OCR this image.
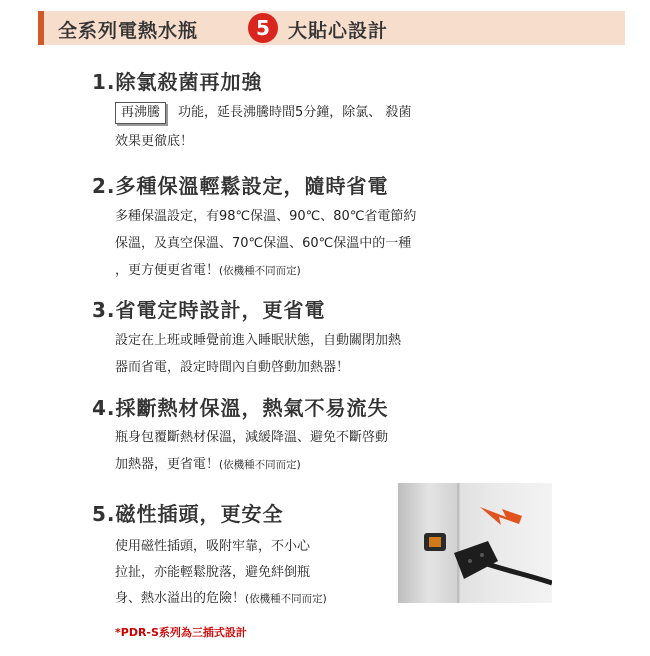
全系列電熱水瓶	5 大貼心設計
1.除氯殺菌再加強
再沸騰 功能，延長沸騰時間5分鐘，除氯、 殺菌
效果更徹底！
2.多種保溫輕鬆設定，隨時省電
多種保溫設定，有98℃保溫、90℃、80℃省電節約
保溫，及真空保溫、70℃保溫、60℃保溫中的一種
，更方便更省電！(依機種不同而定)
3.省電定時設計，更省電
設定在上班或睡覺前進入睡眠狀態，自動關閉加熱
器而省電，設定時間內自動啓動加熱器！
4.採斷熱材保溫，熱氣不易流失
瓶身包覆斷熱材保溫，減緩降溫、避免不斷啓動
加熱器，更省電！(依機種不同而定)
5.磁性插頭，更安全
使用磁性插頭，吸附牢靠，不小心
拉扯，亦能輕鬆脫落，避免絆倒瓶
身、熱水溢出的危險！(依機種不同而定)
*PDR-S系列為三插式設計
